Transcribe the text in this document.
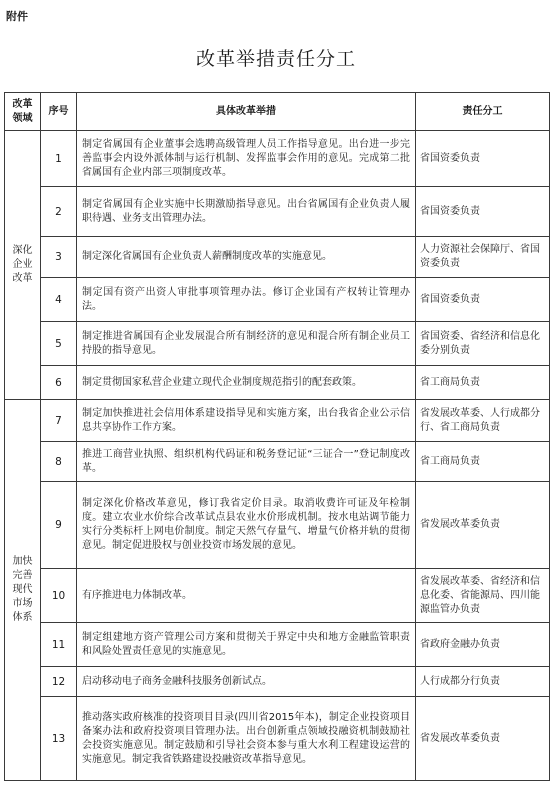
附件
改革举措责任分工
改革领域	序号	具体改革举措	责任分工
深化企业改革	1	制定省属国有企业董事会选聘高级管理人员工作指导意见。出台进一步完善监事会内设外派体制与运行机制、发挥监事会作用的意见。完成第二批省属国有企业内部三项制度改革。	省国资委负责
	2	制定省属国有企业实施中长期激励指导意见。出台省属国有企业负责人履职待遇、业务支出管理办法。	省国资委负责
	3	制定深化省属国有企业负责人薪酬制度改革的实施意见。	人力资源社会保障厅、省国资委负责
	4	制定国有资产出资人审批事项管理办法。修订企业国有产权转让管理办法。	省国资委负责
	5	制定推进省属国有企业发展混合所有制经济的意见和混合所有制企业员工持股的指导意见。	省国资委、省经济和信息化委分别负责
	6	制定贯彻国家私营企业建立现代企业制度规范指引的配套政策。	省工商局负责
加快完善现代市场体系	7	制定加快推进社会信用体系建设指导见和实施方案，出台我省企业公示信息共享协作工作方案。	省发展改革委、人行成都分行、省工商局负责
	8	推进工商营业执照、组织机构代码证和税务登记证“三证合一”登记制度改革。	省工商局负责
	9	制定深化价格改革意见，修订我省定价目录。取消收费许可证及年检制度。建立农业水价综合改革试点县农业水价形成机制。按水电站调节能力实行分类标杆上网电价制度。制定天然气存量气、增量气价格并轨的贯彻意见。制定促进股权与创业投资市场发展的意见。	省发展改革委负责
	10	有序推进电力体制改革。	省发展改革委、省经济和信息化委、省能源局、四川能源监管办负责
	11	制定组建地方资产管理公司方案和贯彻关于界定中央和地方金融监管职责和风险处置责任意见的实施意见。	省政府金融办负责
	12	启动移动电子商务金融科技服务创新试点。	人行成都分行负责
	13	推动落实政府核准的投资项目目录(四川省2015年本)，制定企业投资项目备案办法和政府投资项目管理办法。出台创新重点领域投融资机制鼓励社会投资实施意见。制定鼓励和引导社会资本参与重大水利工程建设运营的实施意见。制定我省铁路建设投融资改革指导意见。	省发展改革委负责
